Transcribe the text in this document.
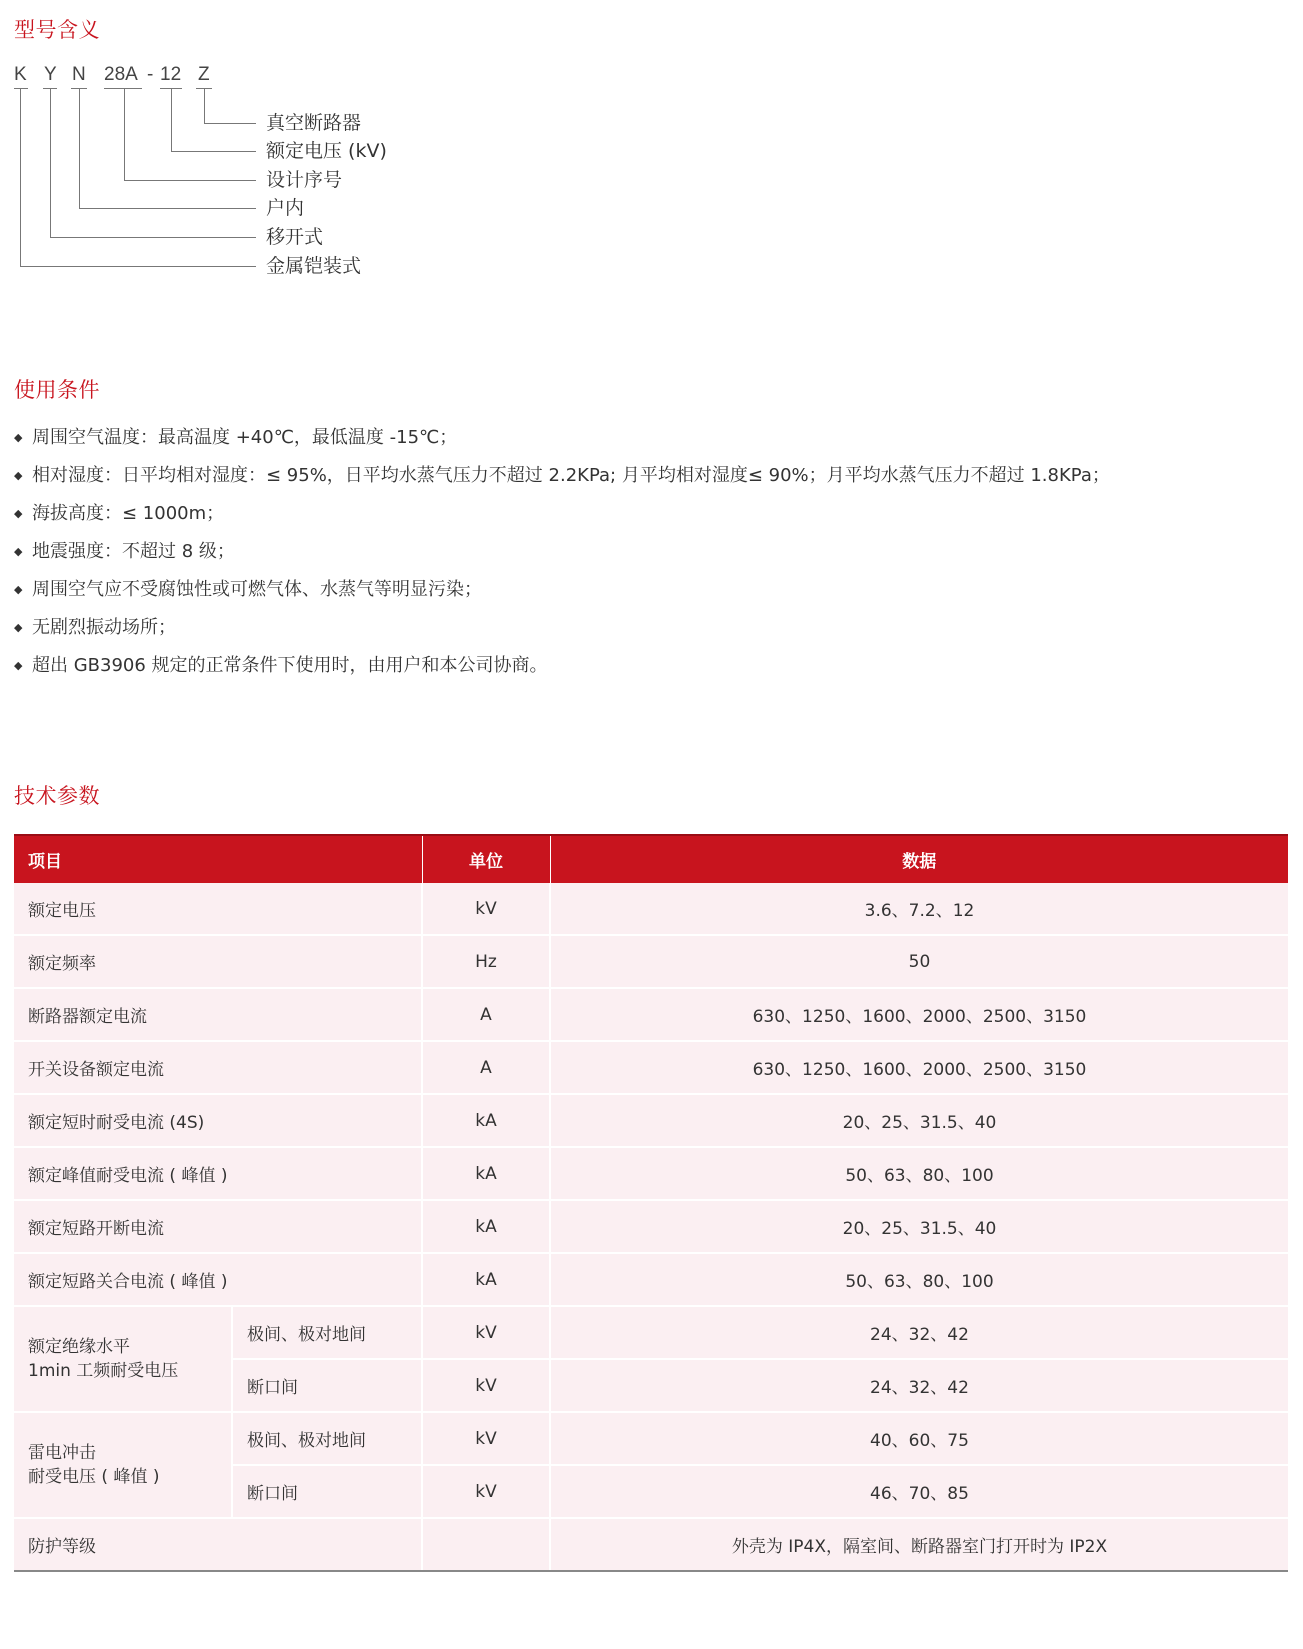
型号含义
K Y N 28A - 12 Z
真空断路器
额定电压 (kV)
设计序号
户内
移开式
金属铠装式
使用条件
◆ 周围空气温度：最高温度 +40℃，最低温度 -15℃；
◆ 相对湿度：日平均相对湿度：≤ 95%，日平均水蒸气压力不超过 2.2KPa; 月平均相对湿度≤ 90%；月平均水蒸气压力不超过 1.8KPa；
◆ 海拔高度：≤ 1000m；
◆ 地震强度：不超过 8 级；
◆ 周围空气应不受腐蚀性或可燃气体、水蒸气等明显污染；
◆ 无剧烈振动场所；
◆ 超出 GB3906 规定的正常条件下使用时，由用户和本公司协商。
技术参数
项目		单位	数据
额定电压		kV	3.6、7.2、12
额定频率		Hz	50
断路器额定电流		A	630、1250、1600、2000、2500、3150
开关设备额定电流		A	630、1250、1600、2000、2500、3150
额定短时耐受电流 (4S)		kA	20、25、31.5、40
额定峰值耐受电流 ( 峰值 )		kA	50、63、80、100
额定短路开断电流		kA	20、25、31.5、40
额定短路关合电流 ( 峰值 )		kA	50、63、80、100

额定绝缘水平
1min 工频耐受电压	极间、极对地间	kV	24、32、42
	断口间	kV	24、32、42

雷电冲击
耐受电压 ( 峰值 )	极间、极对地间	kV	40、60、75
	断口间	kV	46、70、85
防护等级			外壳为 IP4X，隔室间、断路器室门打开时为 IP2X
